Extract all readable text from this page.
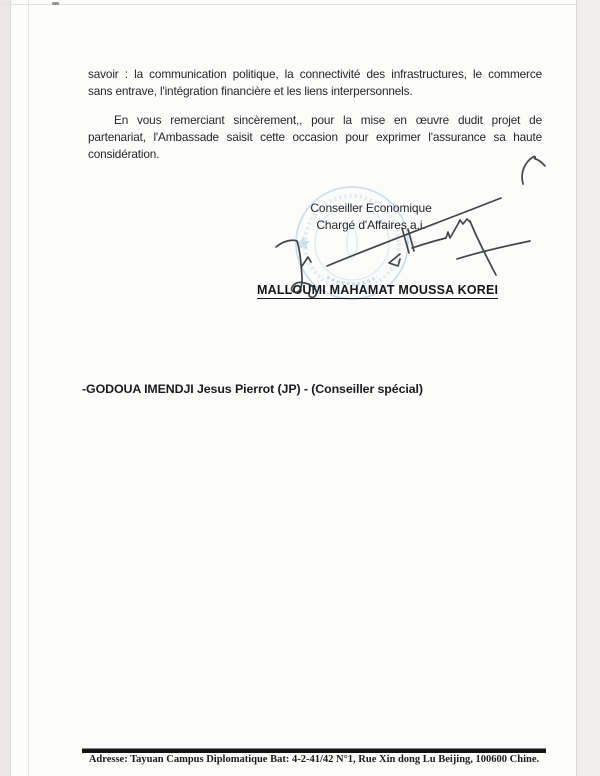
savoir : la communication politique, la connectivité des infrastructures, le commerce
sans entrave, l'intégration financière et les liens interpersonnels.
En vous remerciant sincèrement,, pour la mise en œuvre dudit projet de
partenariat, l'Ambassade saisit cette occasion pour exprimer l'assurance sa haute
considération.
Conseiller Economique
Chargé d'Affaires a.i.
MALLOUMI MAHAMAT MOUSSA KOREI
-GODOUA IMENDJI Jesus Pierrot (JP) - (Conseiller spécial)
Adresse: Tayuan Campus Diplomatique Bat: 4-2-41/42 N°1, Rue Xin dong Lu Beijing, 100600 Chine.
